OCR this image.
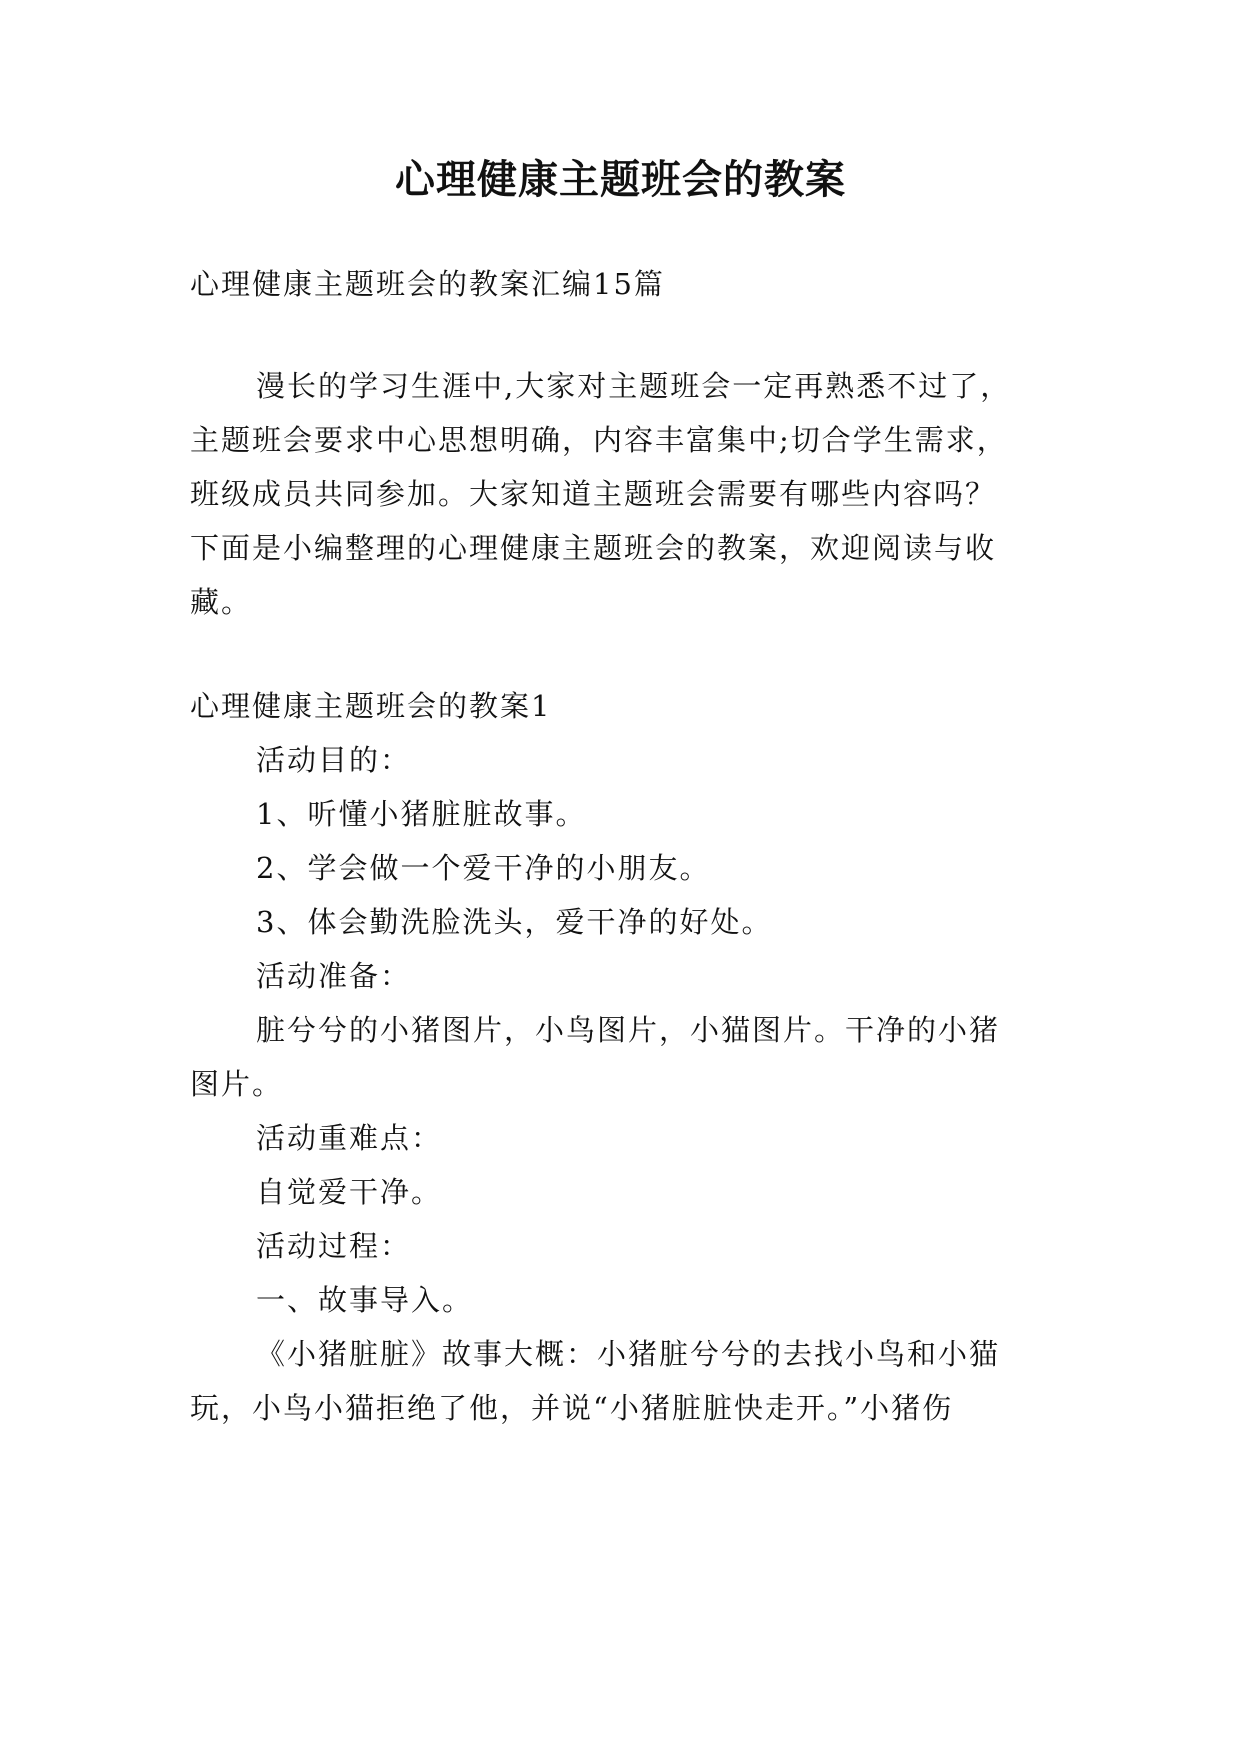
心理健康主题班会的教案
心理健康主题班会的教案汇编15篇
漫长的学习生涯中,大家对主题班会一定再熟悉不过了，
主题班会要求中心思想明确，内容丰富集中;切合学生需求，
班级成员共同参加。大家知道主题班会需要有哪些内容吗？
下面是小编整理的心理健康主题班会的教案，欢迎阅读与收
藏。
心理健康主题班会的教案1
活动目的：
1、听懂小猪脏脏故事。
2、学会做一个爱干净的小朋友。
3、体会勤洗脸洗头，爱干净的好处。
活动准备：
脏兮兮的小猪图片，小鸟图片，小猫图片。干净的小猪
图片。
活动重难点：
自觉爱干净。
活动过程：
一、故事导入。
《小猪脏脏》故事大概：小猪脏兮兮的去找小鸟和小猫
玩，小鸟小猫拒绝了他，并说“小猪脏脏快走开。”小猪伤
